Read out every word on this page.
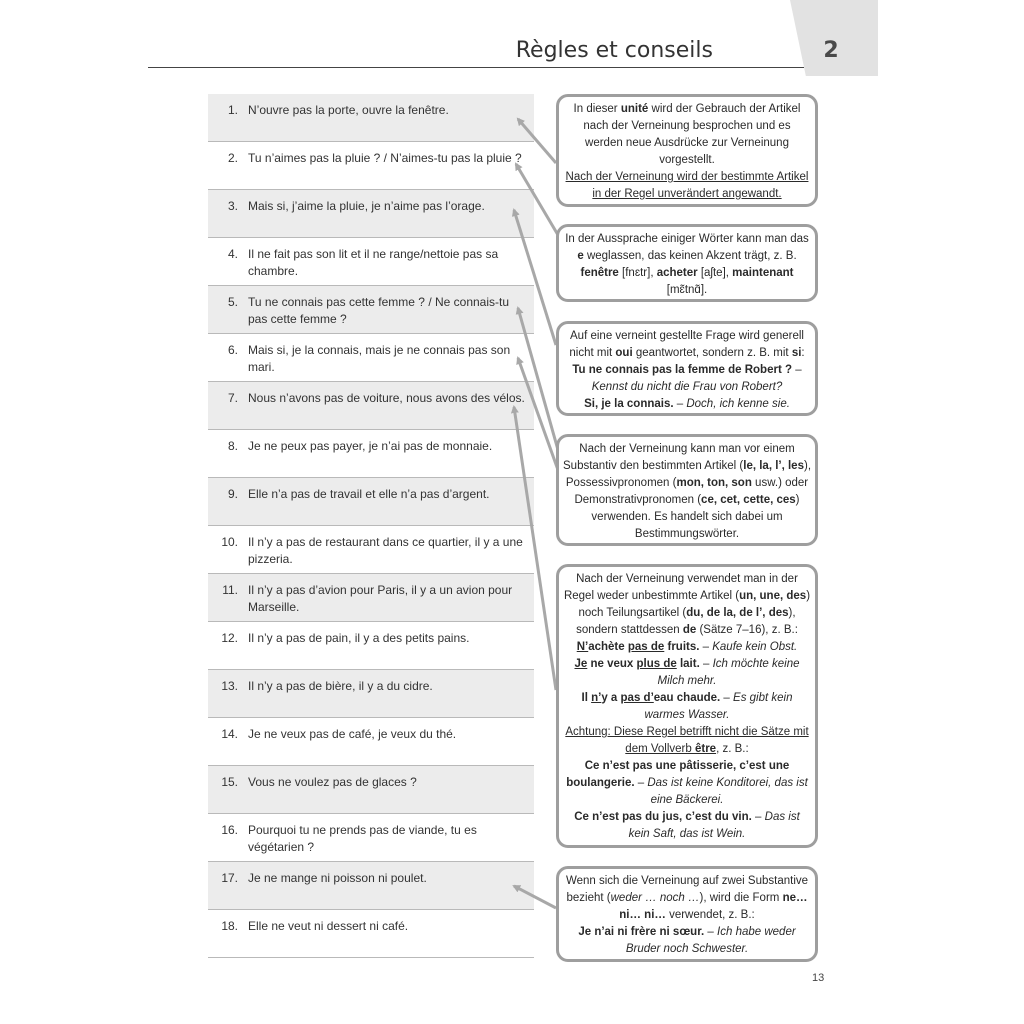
2
Règles et conseils
1. N’ouvre pas la porte, ouvre la fenêtre.
2. Tu n’aimes pas la pluie ? / N’aimes-tu pas la pluie ?
3. Mais si, j’aime la pluie, je n’aime pas l’orage.
4. Il ne fait pas son lit et il ne range/nettoie pas sa chambre.
5. Tu ne connais pas cette femme ? / Ne connais-tu pas cette femme ?
6. Mais si, je la connais, mais je ne connais pas son mari.
7. Nous n’avons pas de voiture, nous avons des vélos.
8. Je ne peux pas payer, je n’ai pas de monnaie.
9. Elle n’a pas de travail et elle n’a pas d’argent.
10. Il n’y a pas de restaurant dans ce quartier, il y a une pizzeria.
11. Il n’y a pas d’avion pour Paris, il y a un avion pour Marseille.
12. Il n’y a pas de pain, il y a des petits pains.
13. Il n’y a pas de bière, il y a du cidre.
14. Je ne veux pas de café, je veux du thé.
15. Vous ne voulez pas de glaces ?
16. Pourquoi tu ne prends pas de viande, tu es végétarien ?
17. Je ne mange ni poisson ni poulet.
18. Elle ne veut ni dessert ni café.
In dieser unité wird der Gebrauch der Artikel nach der Verneinung besprochen und es werden neue Ausdrücke zur Verneinung vorgestellt.
Nach der Verneinung wird der bestimmte Artikel in der Regel unverändert angewandt.
In der Aussprache einiger Wörter kann man das e weglassen, das keinen Akzent trägt, z. B. fenêtre [fnɛtr], acheter [aʃte], maintenant [mɛ̃tnɑ̃].
Auf eine verneint gestellte Frage wird generell nicht mit oui geantwortet, sondern z. B. mit si:
Tu ne connais pas la femme de Robert ? – Kennst du nicht die Frau von Robert?
Si, je la connais. – Doch, ich kenne sie.
Nach der Verneinung kann man vor einem Substantiv den bestimmten Artikel (le, la, l’, les), Possessivpronomen (mon, ton, son usw.) oder Demonstrativpronomen (ce, cet, cette, ces) verwenden. Es handelt sich dabei um Bestimmungswörter.
Nach der Verneinung verwendet man in der Regel weder unbestimmte Artikel (un, une, des) noch Teilungsartikel (du, de la, de l’, des), sondern stattdessen de (Sätze 7–16), z. B.:
N’achète pas de fruits. – Kaufe kein Obst.
Je ne veux plus de lait. – Ich möchte keine Milch mehr.
Il n’y a pas d’eau chaude. – Es gibt kein warmes Wasser.
Achtung: Diese Regel betrifft nicht die Sätze mit dem Vollverb être, z. B.:
Ce n’est pas une pâtisserie, c’est une boulangerie. – Das ist keine Konditorei, das ist eine Bäckerei.
Ce n’est pas du jus, c’est du vin. – Das ist kein Saft, das ist Wein.
Wenn sich die Verneinung auf zwei Substantive bezieht (weder … noch …), wird die Form ne… ni… ni… verwendet, z. B.:
Je n’ai ni frère ni sœur. – Ich habe weder Bruder noch Schwester.
13
